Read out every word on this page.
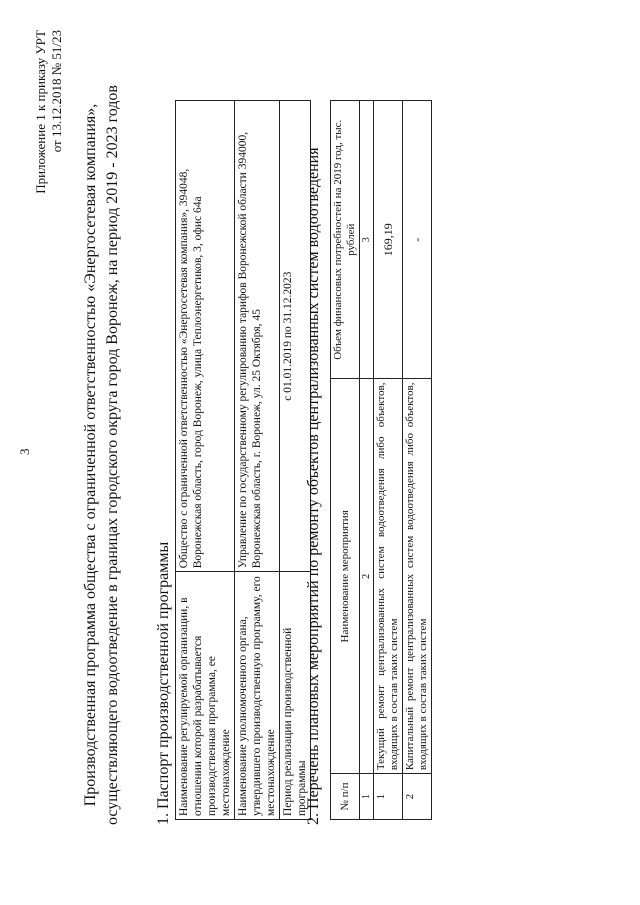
3
Приложение 1 к приказу УРТ от 13.12.2018 № 51/23
Производственная программа общества с ограниченной ответственностью «Энергосетевая компания», осуществляющего водоотведение в границах городского округа город Воронеж, на период 2019 - 2023 годов 1. Паспорт производственной программы Наименование регулируемой организации, в отношении которой разрабатывается производственная программа, ее местонахождение	Общество с ограниченной ответственностью «Энергосетевая компания», 394048, Воронежская область, город Воронеж, улица Теплоэнергетиков, 3, офис 64а
Наименование уполномоченного органа, утвердившего производственную программу, его местонахождение	Управление по государственному регулированию тарифов Воронежской области 394000, Воронежская область, г. Воронеж, ул. 25 Октября, 45
Период реализации производственной программы	с 01.01.2019 по 31.12.2023 2. Перечень плановых мероприятий по ремонту объектов централизованных систем водоотведения № п/п	Наименование мероприятия	Объем финансовых потребностей на 2019 год, тыс. рублей
1	2	3
1	Текущий ремонт централизованных систем водоотведения либо объектов, входящих в состав таких систем	169,19
2	Капитальный ремонт централизованных систем водоотведения либо объектов, входящих в состав таких систем	-
